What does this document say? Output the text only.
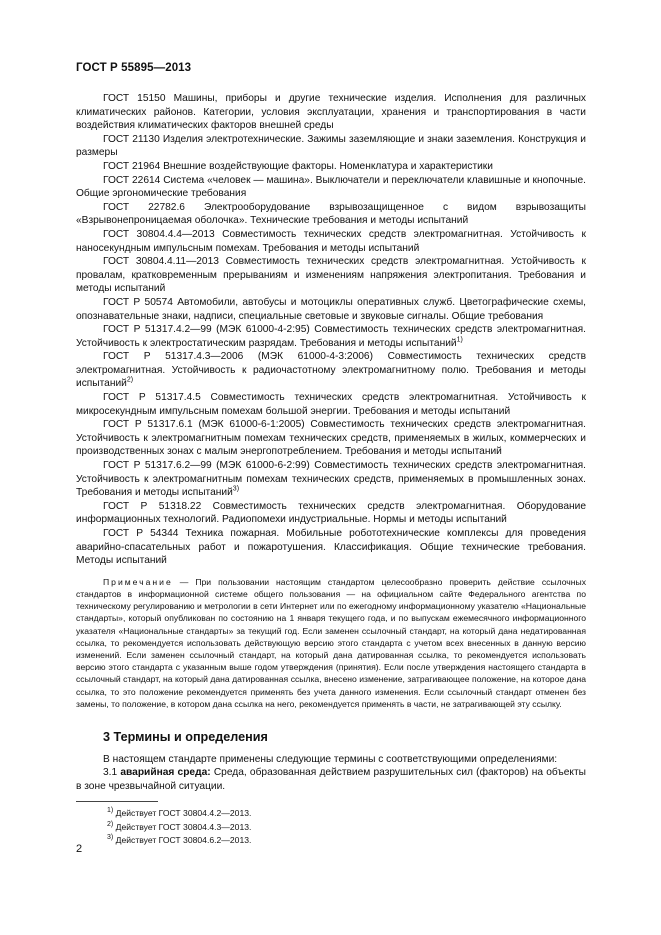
ГОСТ Р 55895—2013

ГОСТ 15150 Машины, приборы и другие технические изделия. Исполнения для различных климатических районов. Категории, условия эксплуатации, хранения и транспортирования в части воздействия климатических факторов внешней среды

ГОСТ 21130 Изделия электротехнические. Зажимы заземляющие и знаки заземления. Конструкция и размеры

ГОСТ 21964 Внешние воздействующие факторы. Номенклатура и характеристики

ГОСТ 22614 Система «человек — машина». Выключатели и переключатели клавишные и кнопочные. Общие эргономические требования

ГОСТ 22782.6 Электрооборудование взрывозащищенное с видом взрывозащиты «Взрывонепроницаемая оболочка». Технические требования и методы испытаний

ГОСТ 30804.4.4—2013 Совместимость технических средств электромагнитная. Устойчивость к наносекундным импульсным помехам. Требования и методы испытаний

ГОСТ 30804.4.11—2013 Совместимость технических средств электромагнитная. Устойчивость к провалам, кратковременным прерываниям и изменениям напряжения электропитания. Требования и методы испытаний

ГОСТ Р 50574 Автомобили, автобусы и мотоциклы оперативных служб. Цветографические схемы, опознавательные знаки, надписи, специальные световые и звуковые сигналы. Общие требования

ГОСТ Р 51317.4.2—99 (МЭК 61000-4-2:95) Совместимость технических средств электромагнитная. Устойчивость к электростатическим разрядам. Требования и методы испытаний$^{1)}$

ГОСТ Р 51317.4.3—2006 (МЭК 61000-4-3:2006) Совместимость технических средств электромагнитная. Устойчивость к радиочастотному электромагнитному полю. Требования и методы испытаний$^{2)}$

ГОСТ Р 51317.4.5 Совместимость технических средств электромагнитная. Устойчивость к микросекундным импульсным помехам большой энергии. Требования и методы испытаний

ГОСТ Р 51317.6.1 (МЭК 61000-6-1:2005) Совместимость технических средств электромагнитная. Устойчивость к электромагнитным помехам технических средств, применяемых в жилых, коммерческих и производственных зонах с малым энергопотреблением. Требования и методы испытаний

ГОСТ Р 51317.6.2—99 (МЭК 61000-6-2:99) Совместимость технических средств электромагнитная. Устойчивость к электромагнитным помехам технических средств, применяемых в промышленных зонах. Требования и методы испытаний$^{3)}$

ГОСТ Р 51318.22 Совместимость технических средств электромагнитная. Оборудование информационных технологий. Радиопомехи индустриальные. Нормы и методы испытаний

ГОСТ Р 54344 Техника пожарная. Мобильные робототехнические комплексы для проведения аварийно-спасательных работ и пожаротушения. Классификация. Общие технические требования. Методы испытаний

Примечание — При пользовании настоящим стандартом целесообразно проверить действие ссылочных стандартов в информационной системе общего пользования — на официальном сайте Федерального агентства по техническому регулированию и метрологии в сети Интернет или по ежегодному информационному указателю «Национальные стандарты», который опубликован по состоянию на 1 января текущего года, и по выпускам ежемесячного информационного указателя «Национальные стандарты» за текущий год. Если заменен ссылочный стандарт, на который дана недатированная ссылка, то рекомендуется использовать действующую версию этого стандарта с учетом всех внесенных в данную версию изменений. Если заменен ссылочный стандарт, на который дана датированная ссылка, то рекомендуется использовать версию этого стандарта с указанным выше годом утверждения (принятия). Если после утверждения настоящего стандарта в ссылочный стандарт, на который дана датированная ссылка, внесено изменение, затрагивающее положение, на которое дана ссылка, то это положение рекомендуется применять без учета данного изменения. Если ссылочный стандарт отменен без замены, то положение, в котором дана ссылка на него, рекомендуется применять в части, не затрагивающей эту ссылку.

3 Термины и определения

В настоящем стандарте применены следующие термины с соответствующими определениями:

3.1 аварийная среда: Среда, образованная действием разрушительных сил (факторов) на объекты в зоне чрезвычайной ситуации.

$^{1)}$ Действует ГОСТ 30804.4.2—2013.

$^{2)}$ Действует ГОСТ 30804.4.3—2013.

$^{3)}$ Действует ГОСТ 30804.6.2—2013.

2
